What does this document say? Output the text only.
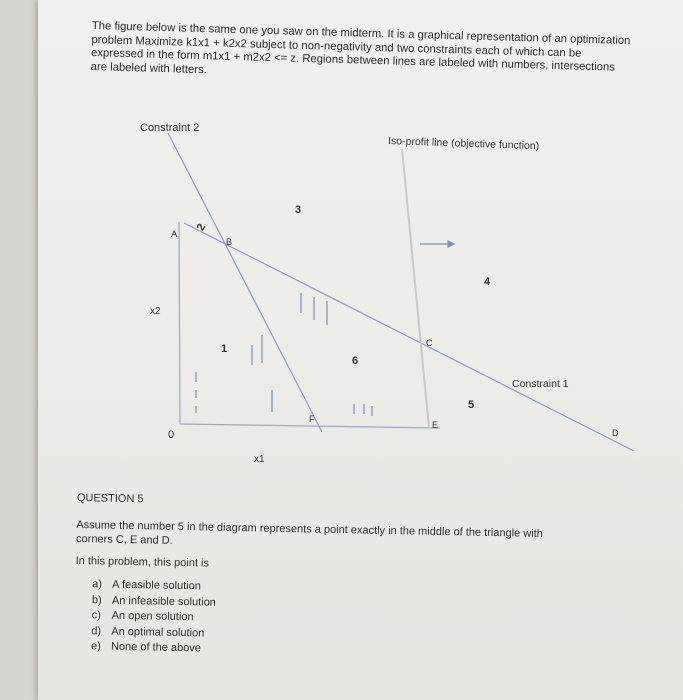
The figure below is the same one you saw on the midterm. It is a graphical representation of an optimization problem Maximize k1x1 + k2x2 subject to non-negativity and two constraints each of which can be expressed in the form m1x1 + m2x2 <= z. Regions between lines are labeled with numbers, intersections are labeled with letters.
Constraint 2
Iso-profit line (objective function)
Constraint 1
x1
x2
0
A
B
C
D
E
F
1
2
3
4
5
6
QUESTION 5
Assume the number 5 in the diagram represents a point exactly in the middle of the triangle with corners C, E and D.
In this problem, this point is
a) A feasible solution
b) An infeasible solution
c) An open solution
d) An optimal solution
e) None of the above
